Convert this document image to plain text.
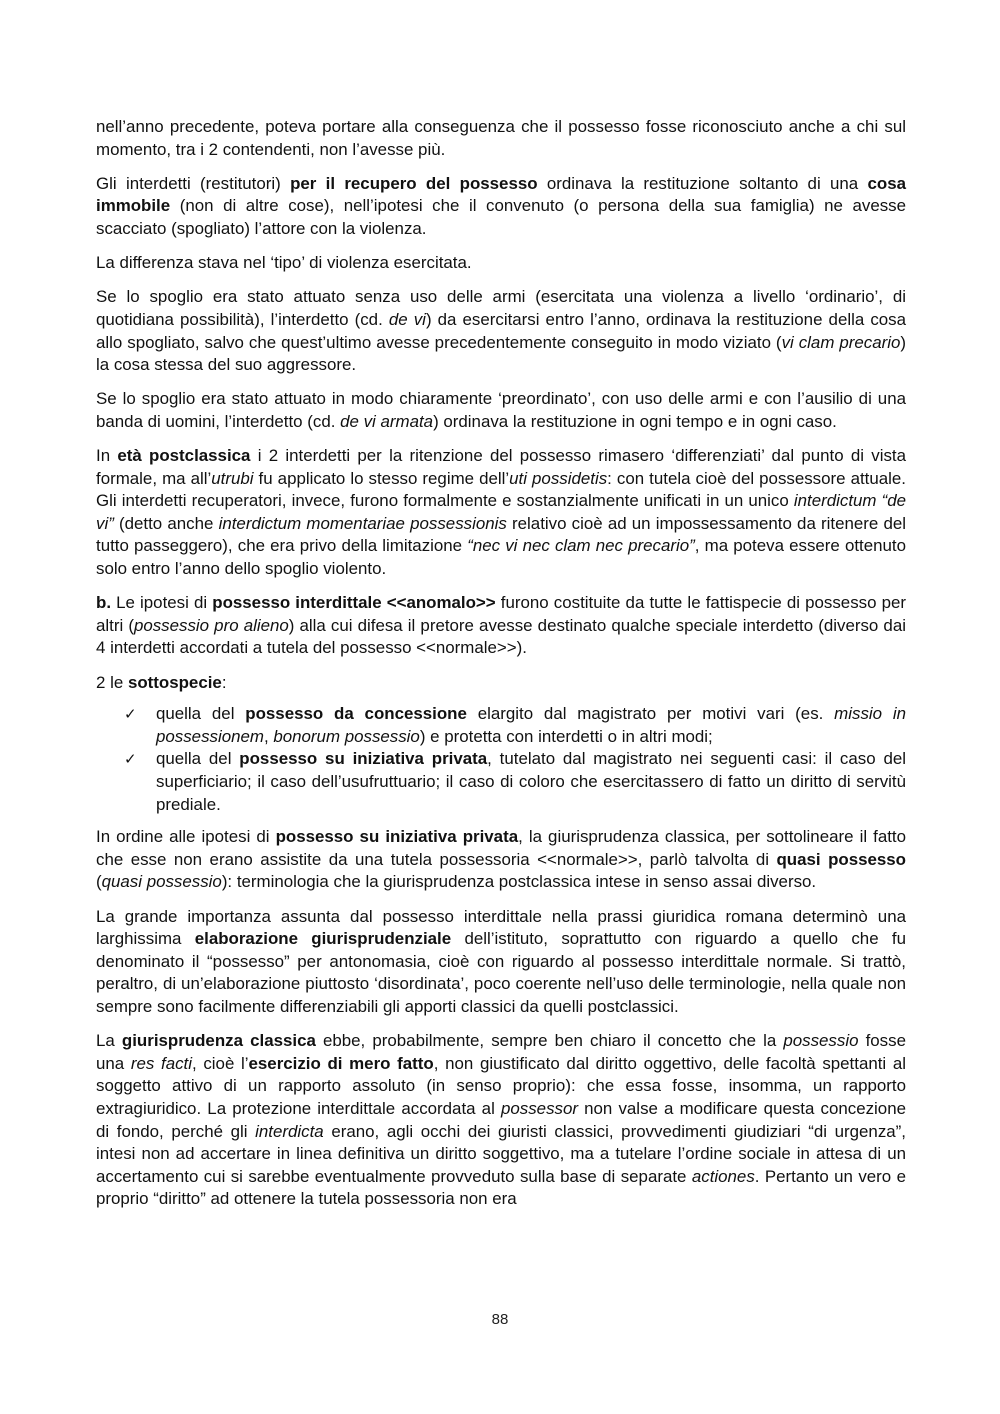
nell’anno precedente, poteva portare alla conseguenza che il possesso fosse riconosciuto anche a chi sul momento, tra i 2 contendenti, non l’avesse più.

Gli interdetti (restitutori) per il recupero del possesso ordinava la restituzione soltanto di una cosa immobile (non di altre cose), nell’ipotesi che il convenuto (o persona della sua famiglia) ne avesse scacciato (spogliato) l’attore con la violenza.

La differenza stava nel ‘tipo’ di violenza esercitata.

Se lo spoglio era stato attuato senza uso delle armi (esercitata una violenza a livello ‘ordinario’, di quotidiana possibilità), l’interdetto (cd. de vi) da esercitarsi entro l’anno, ordinava la restituzione della cosa allo spogliato, salvo che quest’ultimo avesse precedentemente conseguito in modo viziato (vi clam precario) la cosa stessa del suo aggressore.

Se lo spoglio era stato attuato in modo chiaramente ‘preordinato’, con uso delle armi e con l’ausilio di una banda di uomini, l’interdetto (cd. de vi armata) ordinava la restituzione in ogni tempo e in ogni caso.

In età postclassica i 2 interdetti per la ritenzione del possesso rimasero ‘differenziati’ dal punto di vista formale, ma all’utrubi fu applicato lo stesso regime dell’uti possidetis: con tutela cioè del possessore attuale. Gli interdetti recuperatori, invece, furono formalmente e sostanzialmente unificati in un unico interdictum “de vi” (detto anche interdictum momentariae possessionis relativo cioè ad un impossessamento da ritenere del tutto passeggero), che era privo della limitazione “nec vi nec clam nec precario”, ma poteva essere ottenuto solo entro l’anno dello spoglio violento.

b. Le ipotesi di possesso interdittale <<anomalo>> furono costituite da tutte le fattispecie di possesso per altri (possessio pro alieno) alla cui difesa il pretore avesse destinato qualche speciale interdetto (diverso dai 4 interdetti accordati a tutela del possesso <<normale>>).

2 le sottospecie:

✓ quella del possesso da concessione elargito dal magistrato per motivi vari (es. missio in possessionem, bonorum possessio) e protetta con interdetti o in altri modi;
✓ quella del possesso su iniziativa privata, tutelato dal magistrato nei seguenti casi: il caso del superficiario; il caso dell’usufruttuario; il caso di coloro che esercitassero di fatto un diritto di servitù prediale.

In ordine alle ipotesi di possesso su iniziativa privata, la giurisprudenza classica, per sottolineare il fatto che esse non erano assistite da una tutela possessoria <<normale>>, parlò talvolta di quasi possesso (quasi possessio): terminologia che la giurisprudenza postclassica intese in senso assai diverso.

La grande importanza assunta dal possesso interdittale nella prassi giuridica romana determinò una larghissima elaborazione giurisprudenziale dell’istituto, soprattutto con riguardo a quello che fu denominato il “possesso” per antonomasia, cioè con riguardo al possesso interdittale normale. Si trattò, peraltro, di un’elaborazione piuttosto ‘disordinata’, poco coerente nell’uso delle terminologie, nella quale non sempre sono facilmente differenziabili gli apporti classici da quelli postclassici.

La giurisprudenza classica ebbe, probabilmente, sempre ben chiaro il concetto che la possessio fosse una res facti, cioè l’esercizio di mero fatto, non giustificato dal diritto oggettivo, delle facoltà spettanti al soggetto attivo di un rapporto assoluto (in senso proprio): che essa fosse, insomma, un rapporto extragiuridico. La protezione interdittale accordata al possessor non valse a modificare questa concezione di fondo, perché gli interdicta erano, agli occhi dei giuristi classici, provvedimenti giudiziari “di urgenza”, intesi non ad accertare in linea definitiva un diritto soggettivo, ma a tutelare l’ordine sociale in attesa di un accertamento cui si sarebbe eventualmente provveduto sulla base di separate actiones. Pertanto un vero e proprio “diritto” ad ottenere la tutela possessoria non era

88
